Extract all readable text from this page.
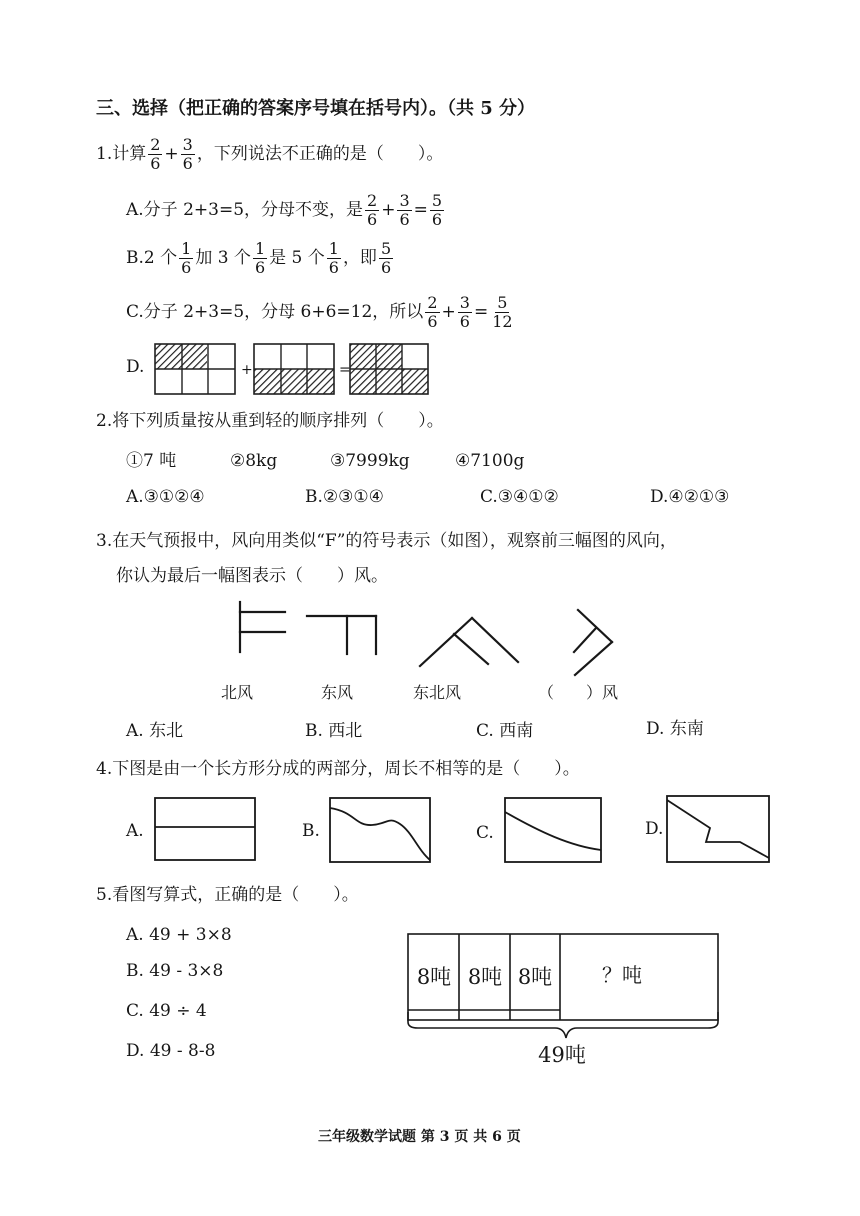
三、选择（把正确的答案序号填在括号内）。（共 5 分）
1.计算 $\frac{2}{6} + \frac{3}{6}$ ，下列说法不正确的是（　　）。
A.分子 2+3=5，分母不变，是 $\frac{2}{6} + \frac{3}{6} = \frac{5}{6}$
B.2 个 $\frac{1}{6}$ 加 3 个 $\frac{1}{6}$ 是 5 个 $\frac{1}{6}$ ，即 $\frac{5}{6}$
C.分子 2+3=5，分母 6+6=12，所以 $\frac{2}{6} + \frac{3}{6} = \frac{5}{12}$
D.	+	=
2.将下列质量按从重到轻的顺序排列（　　）。
①7 吨	②8kg	③7999kg	④7100g
A.③①②④	B.②③①④	C.③④①②	D.④②①③
3.在天气预报中，风向用类似“F”的符号表示（如图），观察前三幅图的风向，
你认为最后一幅图表示（　　）风。
北风	东风	东北风	（　　）风
A. 东北	B. 西北	C. 西南	D. 东南
4.下图是由一个长方形分成的两部分，周长不相等的是（　　）。
A.	B.	C.	D.
5.看图写算式，正确的是（　　）。
A. 49 + 3×8
B. 49 - 3×8
C. 49 ÷ 4
D. 49 - 8-8
8吨 8吨 8吨 ？吨
49吨
三年级数学试题 第 3 页 共 6 页
